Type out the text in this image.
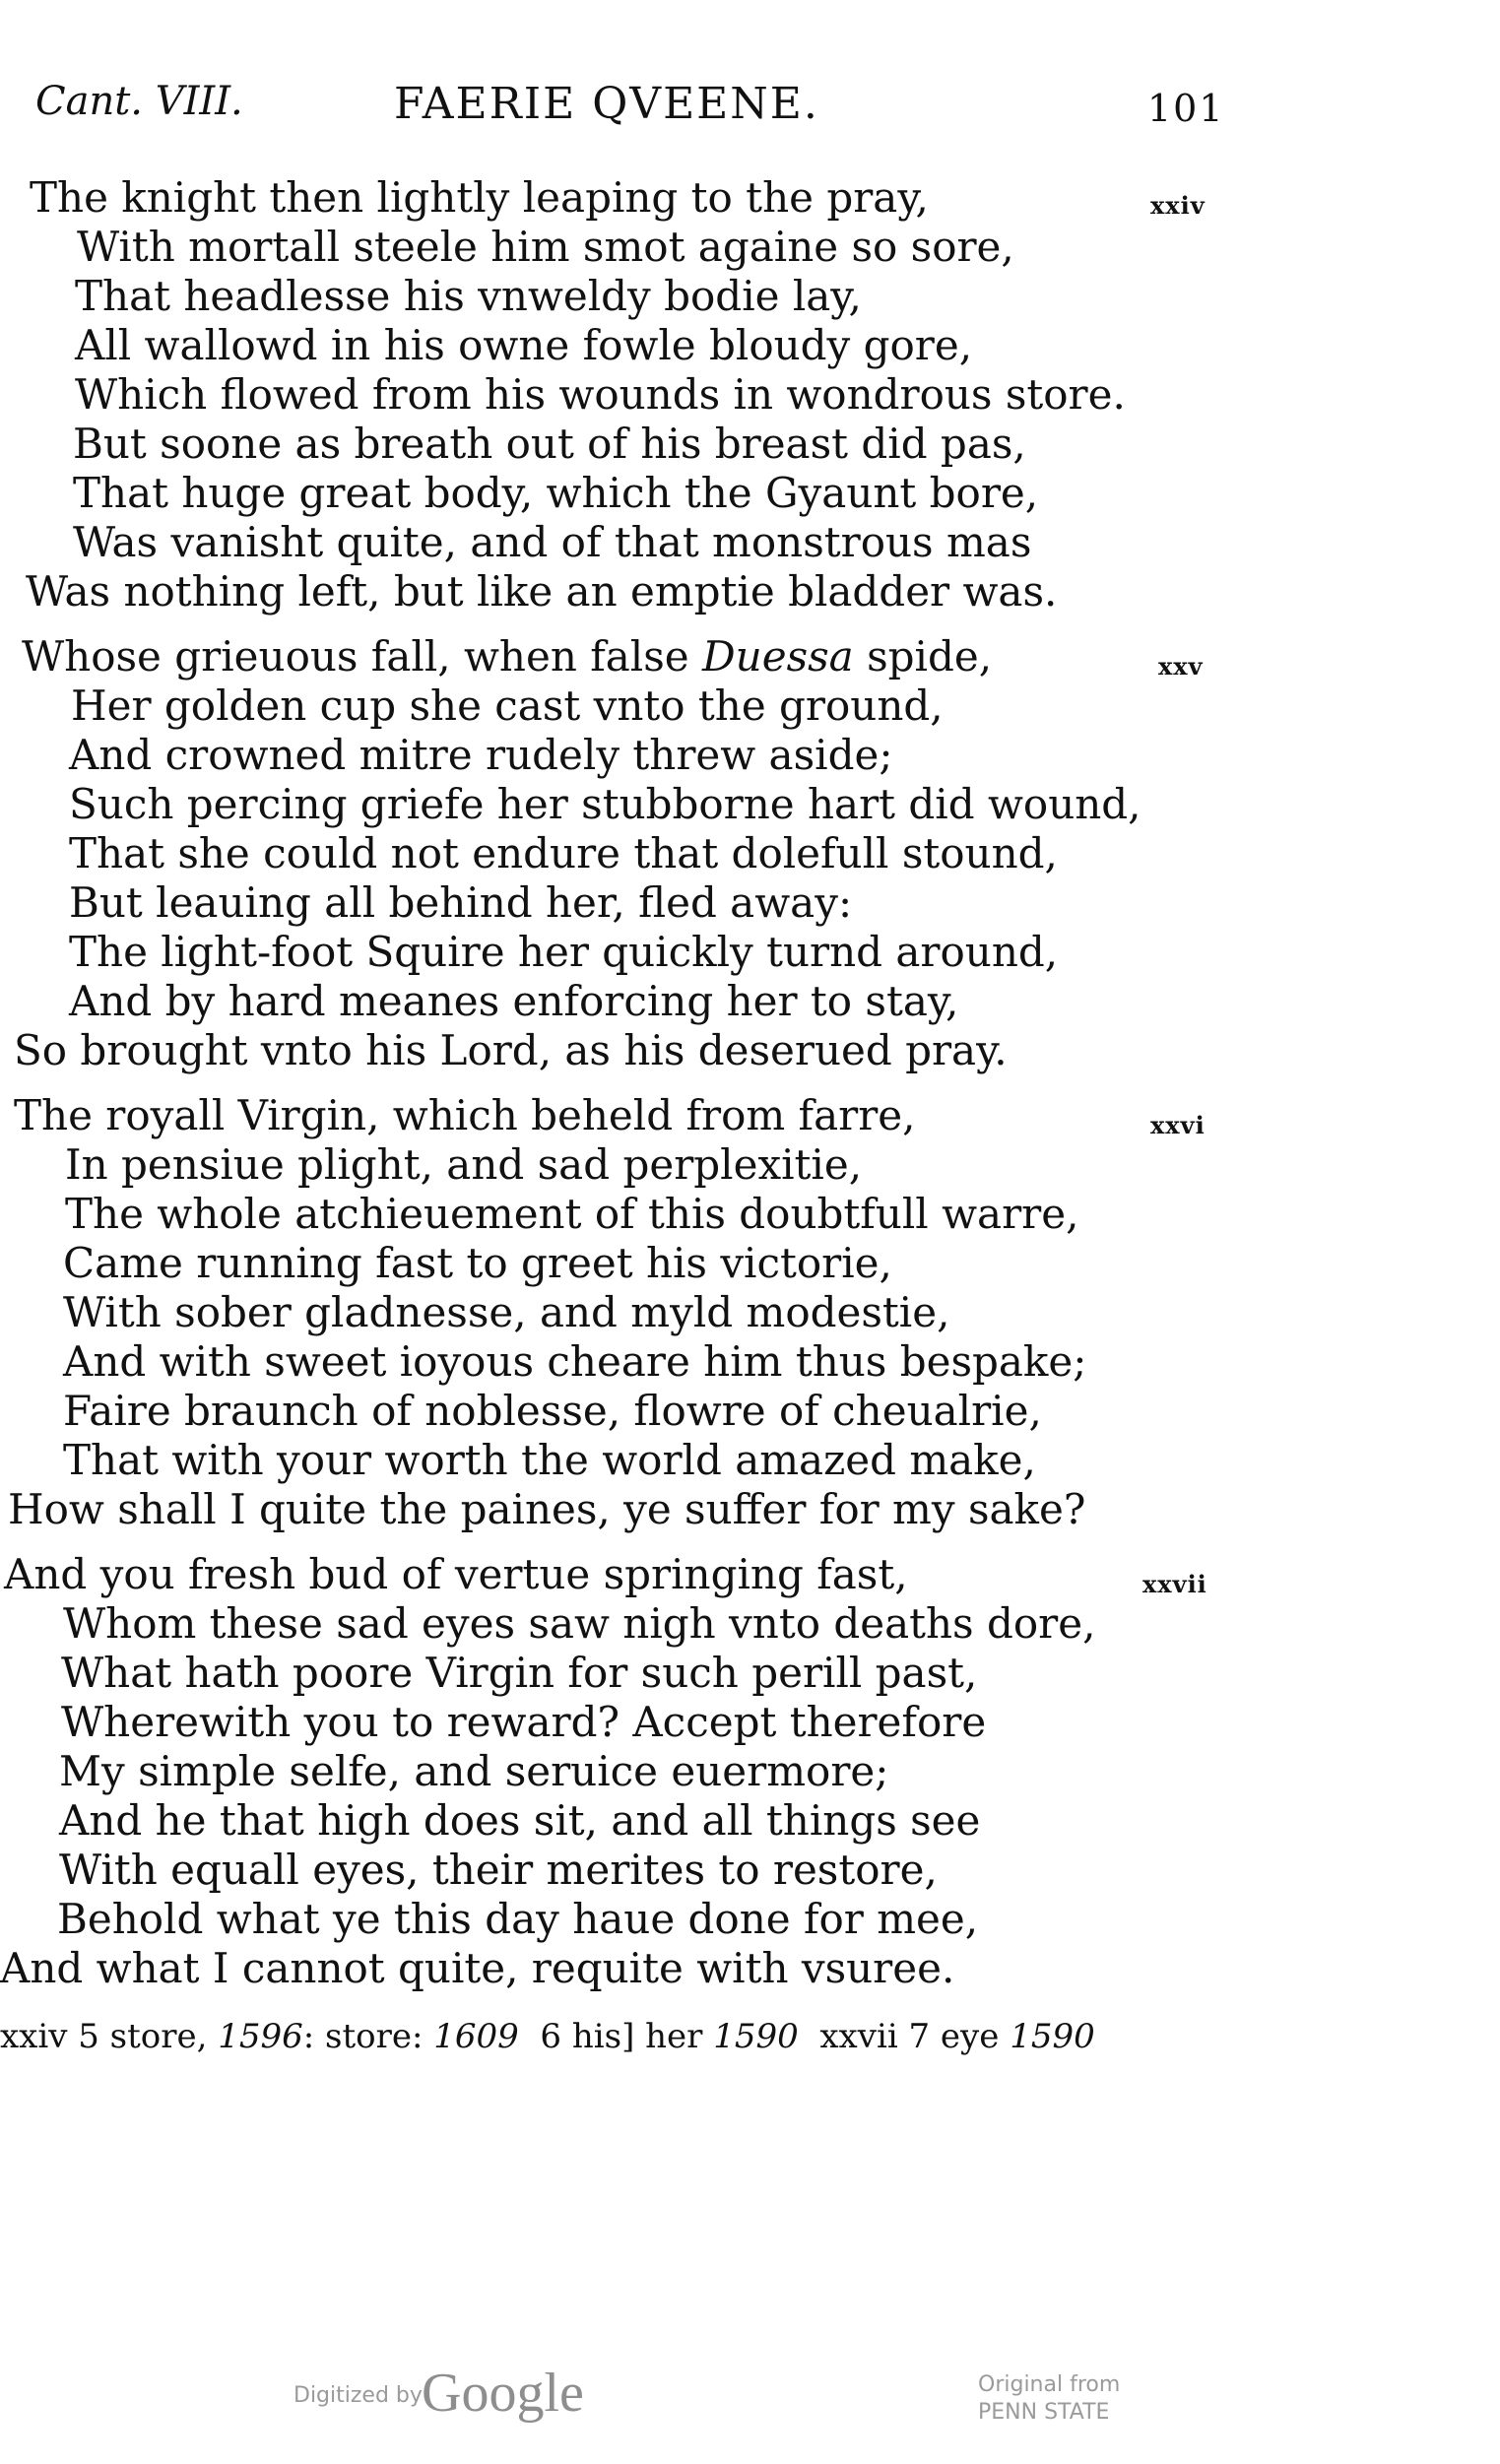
Cant. VIII.	FAERIE QVEENE.	101
xxiv
The knight then lightly leaping to the pray,
With mortall steele him smot againe so sore,
That headlesse his vnweldy bodie lay,
All wallowd in his owne fowle bloudy gore,
Which flowed from his wounds in wondrous store.
But soone as breath out of his breast did pas,
That huge great body, which the Gyaunt bore,
Was vanisht quite, and of that monstrous mas
Was nothing left, but like an emptie bladder was.
xxv
Whose grieuous fall, when false Duessa spide,
Her golden cup she cast vnto the ground,
And crowned mitre rudely threw aside;
Such percing griefe her stubborne hart did wound,
That she could not endure that dolefull stound,
But leauing all behind her, fled away:
The light-foot Squire her quickly turnd around,
And by hard meanes enforcing her to stay,
So brought vnto his Lord, as his deserued pray.
xxvi
The royall Virgin, which beheld from farre,
In pensiue plight, and sad perplexitie,
The whole atchieuement of this doubtfull warre,
Came running fast to greet his victorie,
With sober gladnesse, and myld modestie,
And with sweet ioyous cheare him thus bespake;
Faire braunch of noblesse, flowre of cheualrie,
That with your worth the world amazed make,
How shall I quite the paines, ye suffer for my sake?
xxvii
And you fresh bud of vertue springing fast,
Whom these sad eyes saw nigh vnto deaths dore,
What hath poore Virgin for such perill past,
Wherewith you to reward? Accept therefore
My simple selfe, and seruice euermore;
And he that high does sit, and all things see
With equall eyes, their merites to restore,
Behold what ye this day haue done for mee,
And what I cannot quite, requite with vsuree.
xxiv 5 store, 1596: store: 1609  6 his] her 1590  xxvii 7 eye 1590
Digitized by Google	Original from
PENN STATE
